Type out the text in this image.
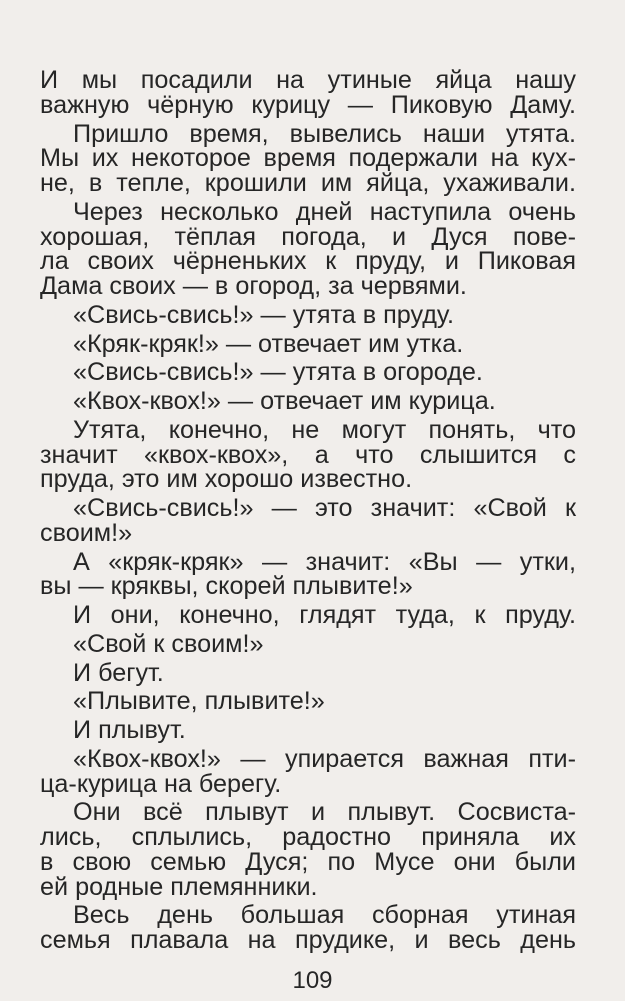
И мы посадили на утиные яйца нашу
важную чёрную курицу — Пиковую Даму.
Пришло время, вывелись наши утята.
Мы их некоторое время подержали на кух-
не, в тепле, крошили им яйца, ухаживали.
Через несколько дней наступила очень
хорошая, тёплая погода, и Дуся пове-
ла своих чёрненьких к пруду, и Пиковая
Дама своих — в огород, за червями.
«Свись-свись!» — утята в пруду.
«Кряк-кряк!» — отвечает им утка.
«Свись-свись!» — утята в огороде.
«Квох-квох!» — отвечает им курица.
Утята, конечно, не могут понять, что
значит «квох-квох», а что слышится с
пруда, это им хорошо известно.
«Свись-свись!» — это значит: «Свой к
своим!»
А «кряк-кряк» — значит: «Вы — утки,
вы — кряквы, скорей плывите!»
И они, конечно, глядят туда, к пруду.
«Свой к своим!»
И бегут.
«Плывите, плывите!»
И плывут.
«Квох-квох!» — упирается важная пти-
ца-курица на берегу.
Они всё плывут и плывут. Сосвиста-
лись, сплылись, радостно приняла их
в свою семью Дуся; по Мусе они были
ей родные племянники.
Весь день большая сборная утиная
семья плавала на прудике, и весь день
109
